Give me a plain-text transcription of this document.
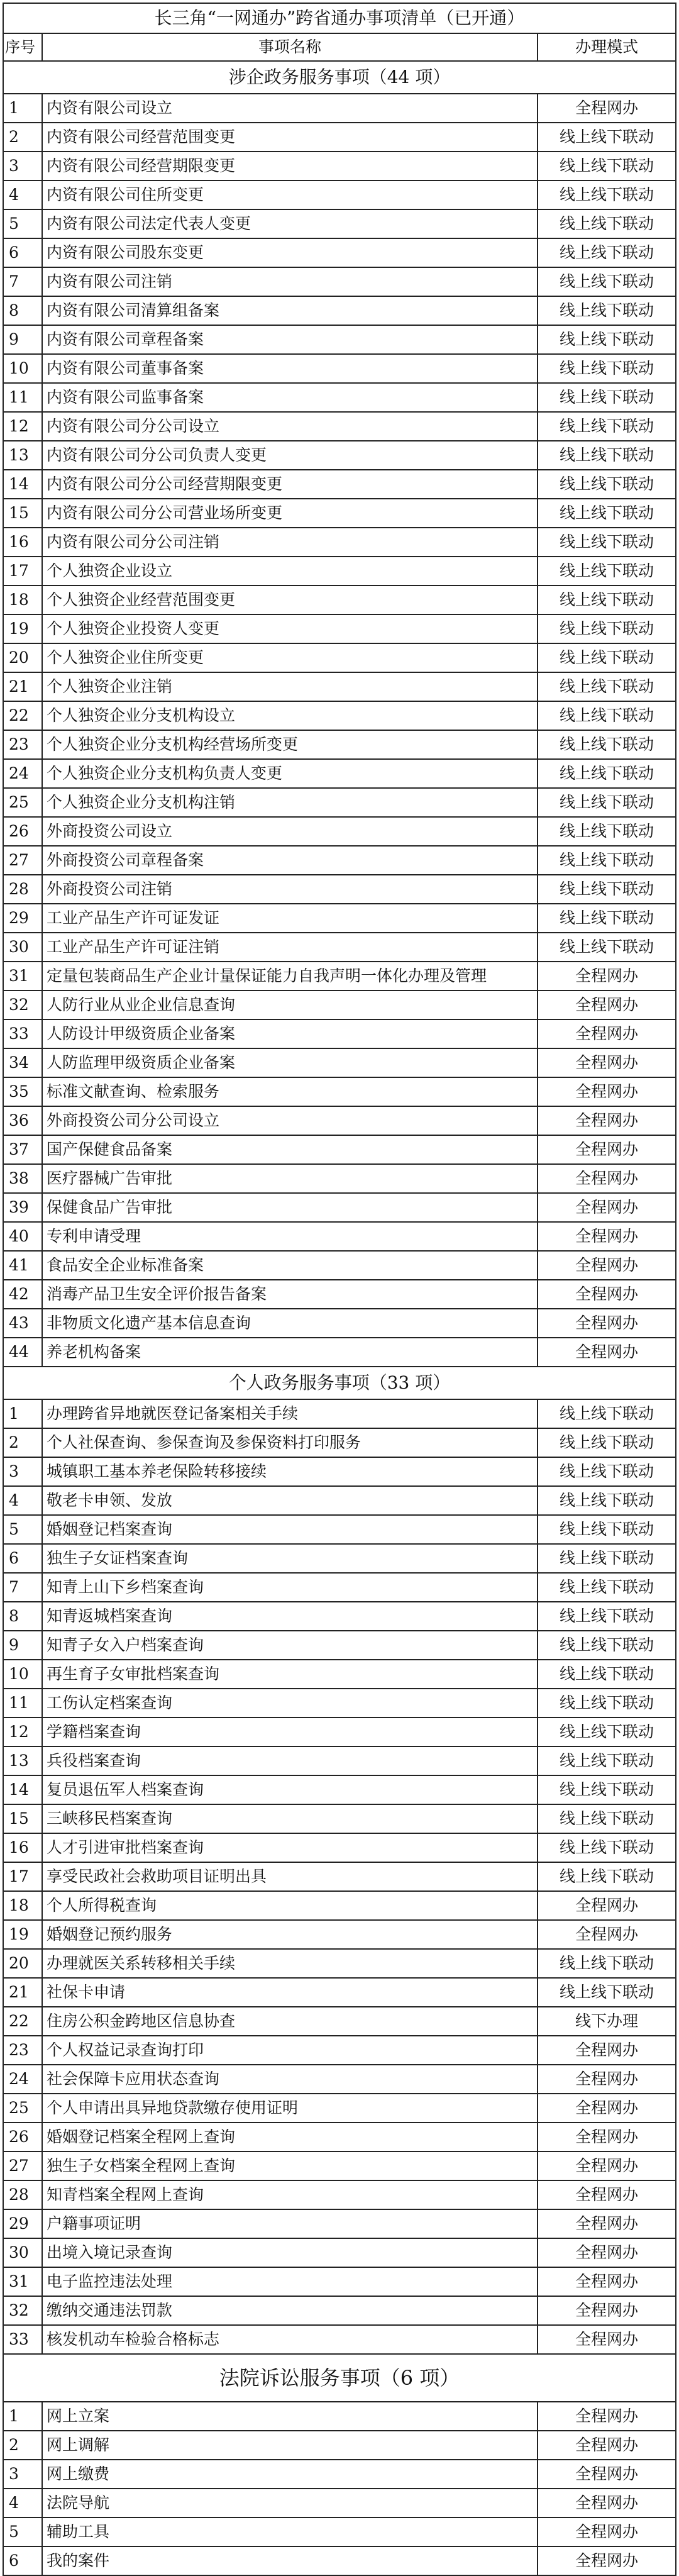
长三角“一网通办”跨省通办事项清单（已开通）		
序号	事项名称	办理模式
涉企政务服务事项（44 项）		
1	内资有限公司设立	全程网办
2	内资有限公司经营范围变更	线上线下联动
3	内资有限公司经营期限变更	线上线下联动
4	内资有限公司住所变更	线上线下联动
5	内资有限公司法定代表人变更	线上线下联动
6	内资有限公司股东变更	线上线下联动
7	内资有限公司注销	线上线下联动
8	内资有限公司清算组备案	线上线下联动
9	内资有限公司章程备案	线上线下联动
10	内资有限公司董事备案	线上线下联动
11	内资有限公司监事备案	线上线下联动
12	内资有限公司分公司设立	线上线下联动
13	内资有限公司分公司负责人变更	线上线下联动
14	内资有限公司分公司经营期限变更	线上线下联动
15	内资有限公司分公司营业场所变更	线上线下联动
16	内资有限公司分公司注销	线上线下联动
17	个人独资企业设立	线上线下联动
18	个人独资企业经营范围变更	线上线下联动
19	个人独资企业投资人变更	线上线下联动
20	个人独资企业住所变更	线上线下联动
21	个人独资企业注销	线上线下联动
22	个人独资企业分支机构设立	线上线下联动
23	个人独资企业分支机构经营场所变更	线上线下联动
24	个人独资企业分支机构负责人变更	线上线下联动
25	个人独资企业分支机构注销	线上线下联动
26	外商投资公司设立	线上线下联动
27	外商投资公司章程备案	线上线下联动
28	外商投资公司注销	线上线下联动
29	工业产品生产许可证发证	线上线下联动
30	工业产品生产许可证注销	线上线下联动
31	定量包装商品生产企业计量保证能力自我声明一体化办理及管理	全程网办
32	人防行业从业企业信息查询	全程网办
33	人防设计甲级资质企业备案	全程网办
34	人防监理甲级资质企业备案	全程网办
35	标准文献查询、检索服务	全程网办
36	外商投资公司分公司设立	全程网办
37	国产保健食品备案	全程网办
38	医疗器械广告审批	全程网办
39	保健食品广告审批	全程网办
40	专利申请受理	全程网办
41	食品安全企业标准备案	全程网办
42	消毒产品卫生安全评价报告备案	全程网办
43	非物质文化遗产基本信息查询	全程网办
44	养老机构备案	全程网办
个人政务服务事项（33 项）		
1	办理跨省异地就医登记备案相关手续	线上线下联动
2	个人社保查询、参保查询及参保资料打印服务	线上线下联动
3	城镇职工基本养老保险转移接续	线上线下联动
4	敬老卡申领、发放	线上线下联动
5	婚姻登记档案查询	线上线下联动
6	独生子女证档案查询	线上线下联动
7	知青上山下乡档案查询	线上线下联动
8	知青返城档案查询	线上线下联动
9	知青子女入户档案查询	线上线下联动
10	再生育子女审批档案查询	线上线下联动
11	工伤认定档案查询	线上线下联动
12	学籍档案查询	线上线下联动
13	兵役档案查询	线上线下联动
14	复员退伍军人档案查询	线上线下联动
15	三峡移民档案查询	线上线下联动
16	人才引进审批档案查询	线上线下联动
17	享受民政社会救助项目证明出具	线上线下联动
18	个人所得税查询	全程网办
19	婚姻登记预约服务	全程网办
20	办理就医关系转移相关手续	线上线下联动
21	社保卡申请	线上线下联动
22	住房公积金跨地区信息协查	线下办理
23	个人权益记录查询打印	全程网办
24	社会保障卡应用状态查询	全程网办
25	个人申请出具异地贷款缴存使用证明	全程网办
26	婚姻登记档案全程网上查询	全程网办
27	独生子女档案全程网上查询	全程网办
28	知青档案全程网上查询	全程网办
29	户籍事项证明	全程网办
30	出境入境记录查询	全程网办
31	电子监控违法处理	全程网办
32	缴纳交通违法罚款	全程网办
33	核发机动车检验合格标志	全程网办
法院诉讼服务事项（6 项）		
1	网上立案	全程网办
2	网上调解	全程网办
3	网上缴费	全程网办
4	法院导航	全程网办
5	辅助工具	全程网办
6	我的案件	全程网办
